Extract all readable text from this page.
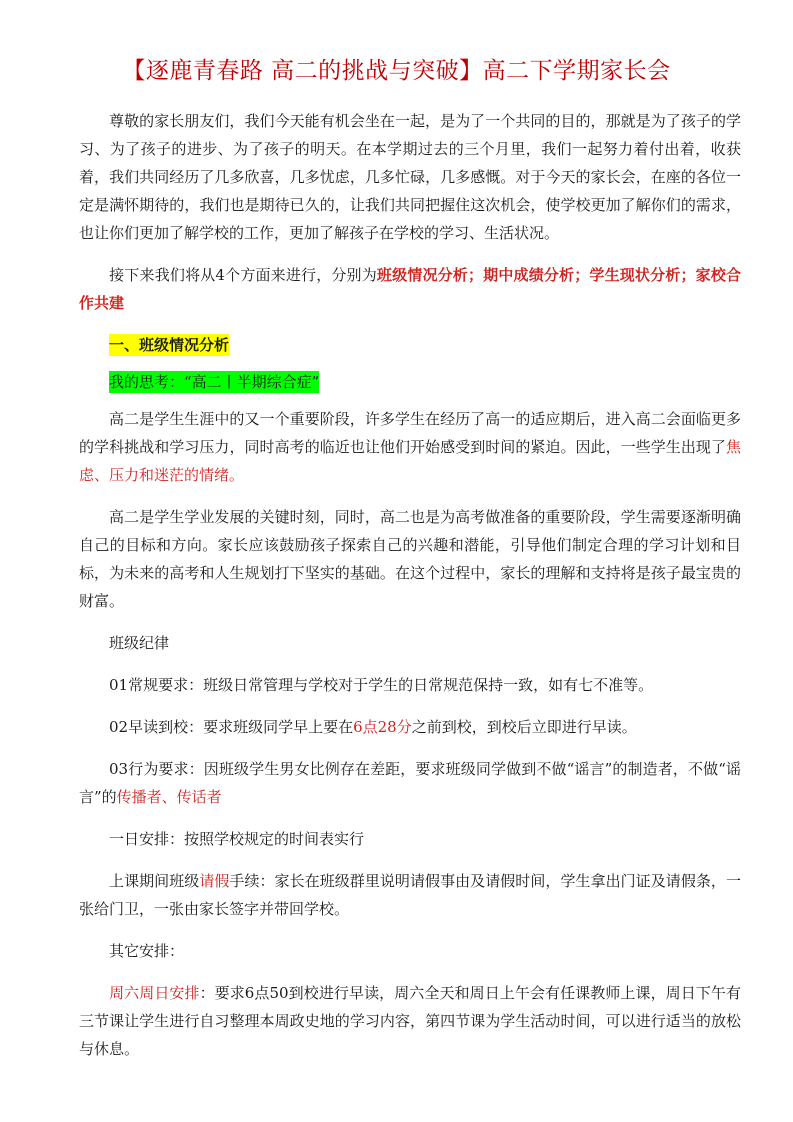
【逐鹿青春路 高二的挑战与突破】高二下学期家长会

  尊敬的家长朋友们，我们今天能有机会坐在一起，是为了一个共同的目的，那就是为了孩子的学习、为了孩子的进步、为了孩子的明天。在本学期过去的三个月里，我们一起努力着付出着，收获着，我们共同经历了几多欣喜，几多忧虑，几多忙碌，几多感慨。对于今天的家长会，在座的各位一定是满怀期待的，我们也是期待已久的，让我们共同把握住这次机会，使学校更加了解你们的需求，也让你们更加了解学校的工作，更加了解孩子在学校的学习、生活状况。

  接下来我们将从4个方面来进行，分别为班级情况分析；期中成绩分析；学生现状分析；家校合作共建

  一、班级情况分析

  我的思考：“高二丨半期综合症”

  高二是学生生涯中的又一个重要阶段，许多学生在经历了高一的适应期后，进入高二会面临更多的学科挑战和学习压力，同时高考的临近也让他们开始感受到时间的紧迫。因此，一些学生出现了焦虑、压力和迷茫的情绪。

  高二是学生学业发展的关键时刻，同时，高二也是为高考做准备的重要阶段，学生需要逐渐明确自己的目标和方向。家长应该鼓励孩子探索自己的兴趣和潜能，引导他们制定合理的学习计划和目标，为未来的高考和人生规划打下坚实的基础。在这个过程中，家长的理解和支持将是孩子最宝贵的财富。

  班级纪律

  01常规要求：班级日常管理与学校对于学生的日常规范保持一致，如有七不准等。

  02早读到校：要求班级同学早上要在6点28分之前到校，到校后立即进行早读。

  03行为要求：因班级学生男女比例存在差距，要求班级同学做到不做“谣言”的制造者，不做“谣言”的传播者、传话者

  一日安排：按照学校规定的时间表实行

  上课期间班级请假手续：家长在班级群里说明请假事由及请假时间，学生拿出门证及请假条，一张给门卫，一张由家长签字并带回学校。

  其它安排：

  周六周日安排：要求6点50到校进行早读，周六全天和周日上午会有任课教师上课，周日下午有三节课让学生进行自习整理本周政史地的学习内容，第四节课为学生活动时间，可以进行适当的放松与休息。
